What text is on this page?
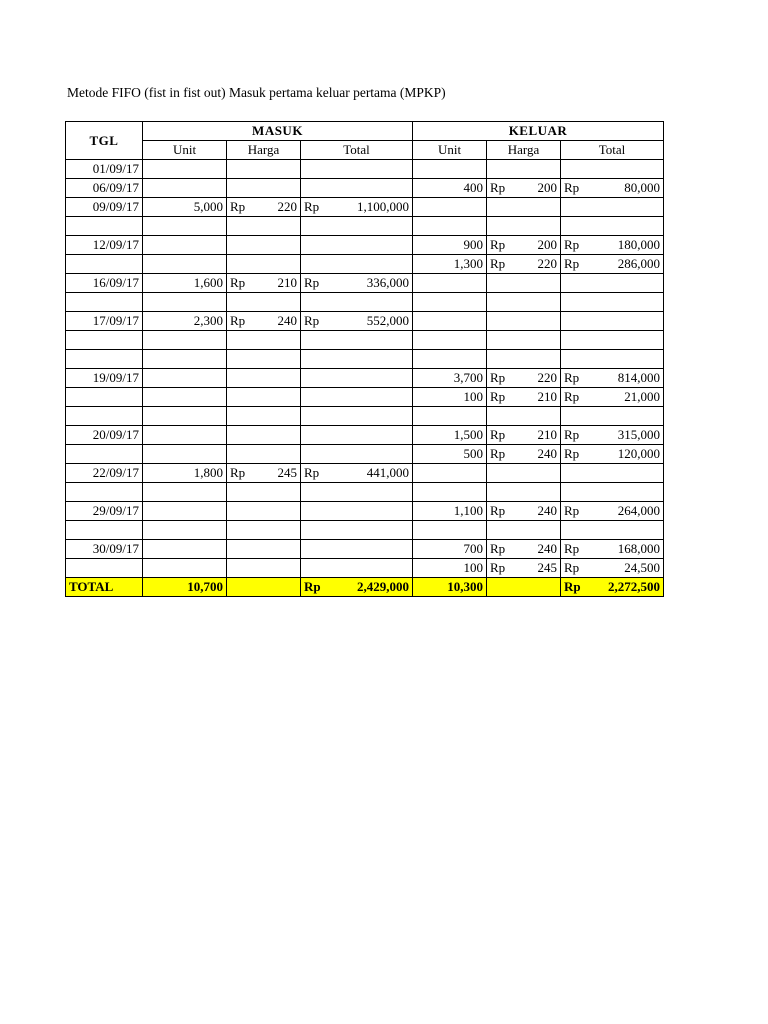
Metode FIFO (fist in fist out) Masuk pertama keluar pertama (MPKP)
TGL	MASUK			KELUAR		
	Unit	Harga	Total	Unit	Harga	Total
01/09/17						
06/09/17				400	Rp 200	Rp 80,000

09/09/17	5,000	Rp 220	Rp 1,100,000			

12/09/17				900	Rp 200	Rp 180,000

				1,300	Rp 220	Rp 286,000

16/09/17	1,600	Rp 210	Rp 336,000			

17/09/17	2,300	Rp 240	Rp 552,000			

19/09/17				3,700	Rp 220	Rp 814,000

				100	Rp 210	Rp 21,000

20/09/17				1,500	Rp 210	Rp 315,000

				500	Rp 240	Rp 120,000

22/09/17	1,800	Rp 245	Rp 441,000			

29/09/17				1,100	Rp 240	Rp 264,000

30/09/17				700	Rp 240	Rp 168,000

				100	Rp 245	Rp 24,500

TOTAL	10,700		Rp 2,429,000	10,300		Rp 2,272,500
